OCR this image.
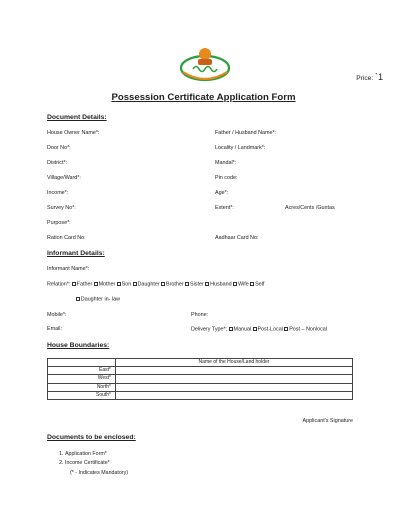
Price: `1
Possession Certificate Application Form
Document Details:
House Owner Name*:	Father / Husband Name*:
Door No*:	Locality / Landmark*:
District*:	Mandal*:
Village/Ward*:	Pin code:
Income*:	Age*:
Survey No*:	Extent*:	Acres/Cents /Guntas
Purpose*:
Ration Card No:	Aadhaar Card No:
Informant Details:
Informant Name*:
Relation*: Father Mother Son Daughter Brother Sister Husband Wife Self
Daughter in- law
Mobile*:	Phone:
Email:	Delivery Type*: Manual Post-Local Post – Nonlocal
House Boundaries:
	Name of the House/Land holder
East*	
West*	
North*	
South*	
Applicant's Signature
Documents to be enclosed:
1. Application Form*
2. Income Certificate*
(* - Indicates Mandatory)
